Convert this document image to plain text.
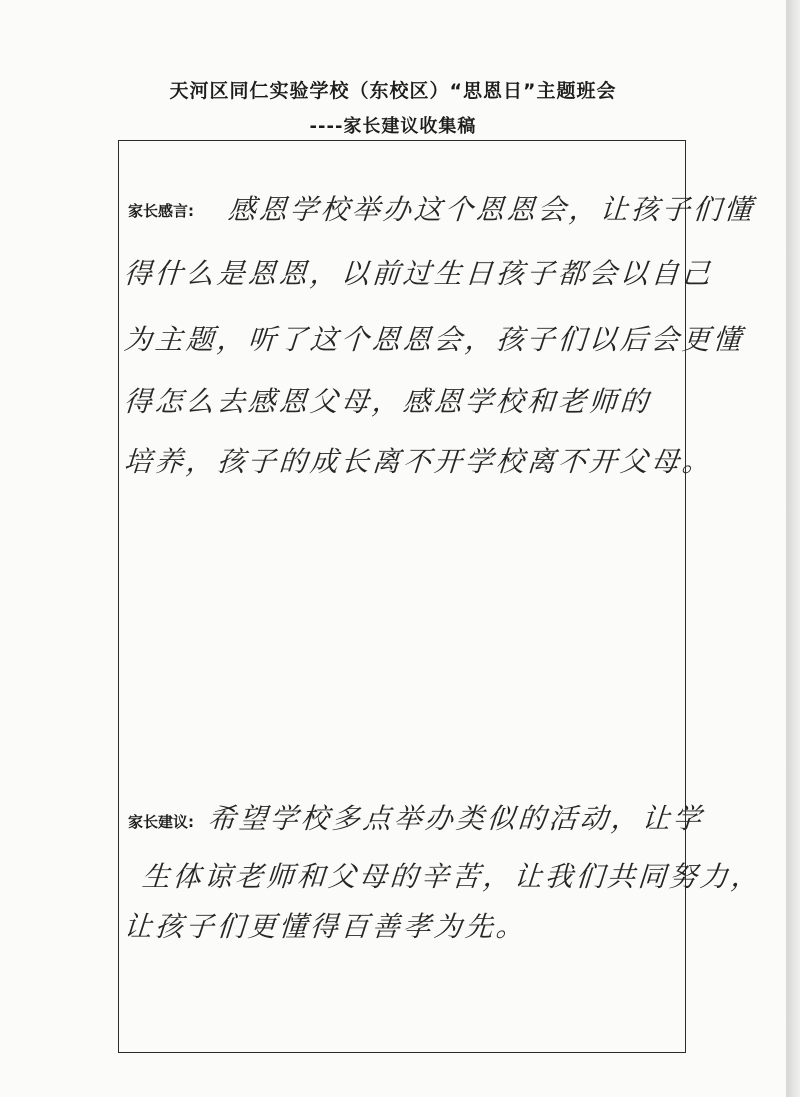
天河区同仁实验学校（东校区）“思恩日”主题班会
----家长建议收集稿
家长感言: 感恩学校举办这个恩恩会，让孩子们懂
得什么是恩恩，以前过生日孩子都会以自己
为主题，听了这个恩恩会，孩子们以后会更懂
得怎么去感恩父母，感恩学校和老师的
培养，孩子的成长离不开学校离不开父母。
家长建议: 希望学校多点举办类似的活动，让学
生体谅老师和父母的辛苦，让我们共同努力，
让孩子们更懂得百善孝为先。
